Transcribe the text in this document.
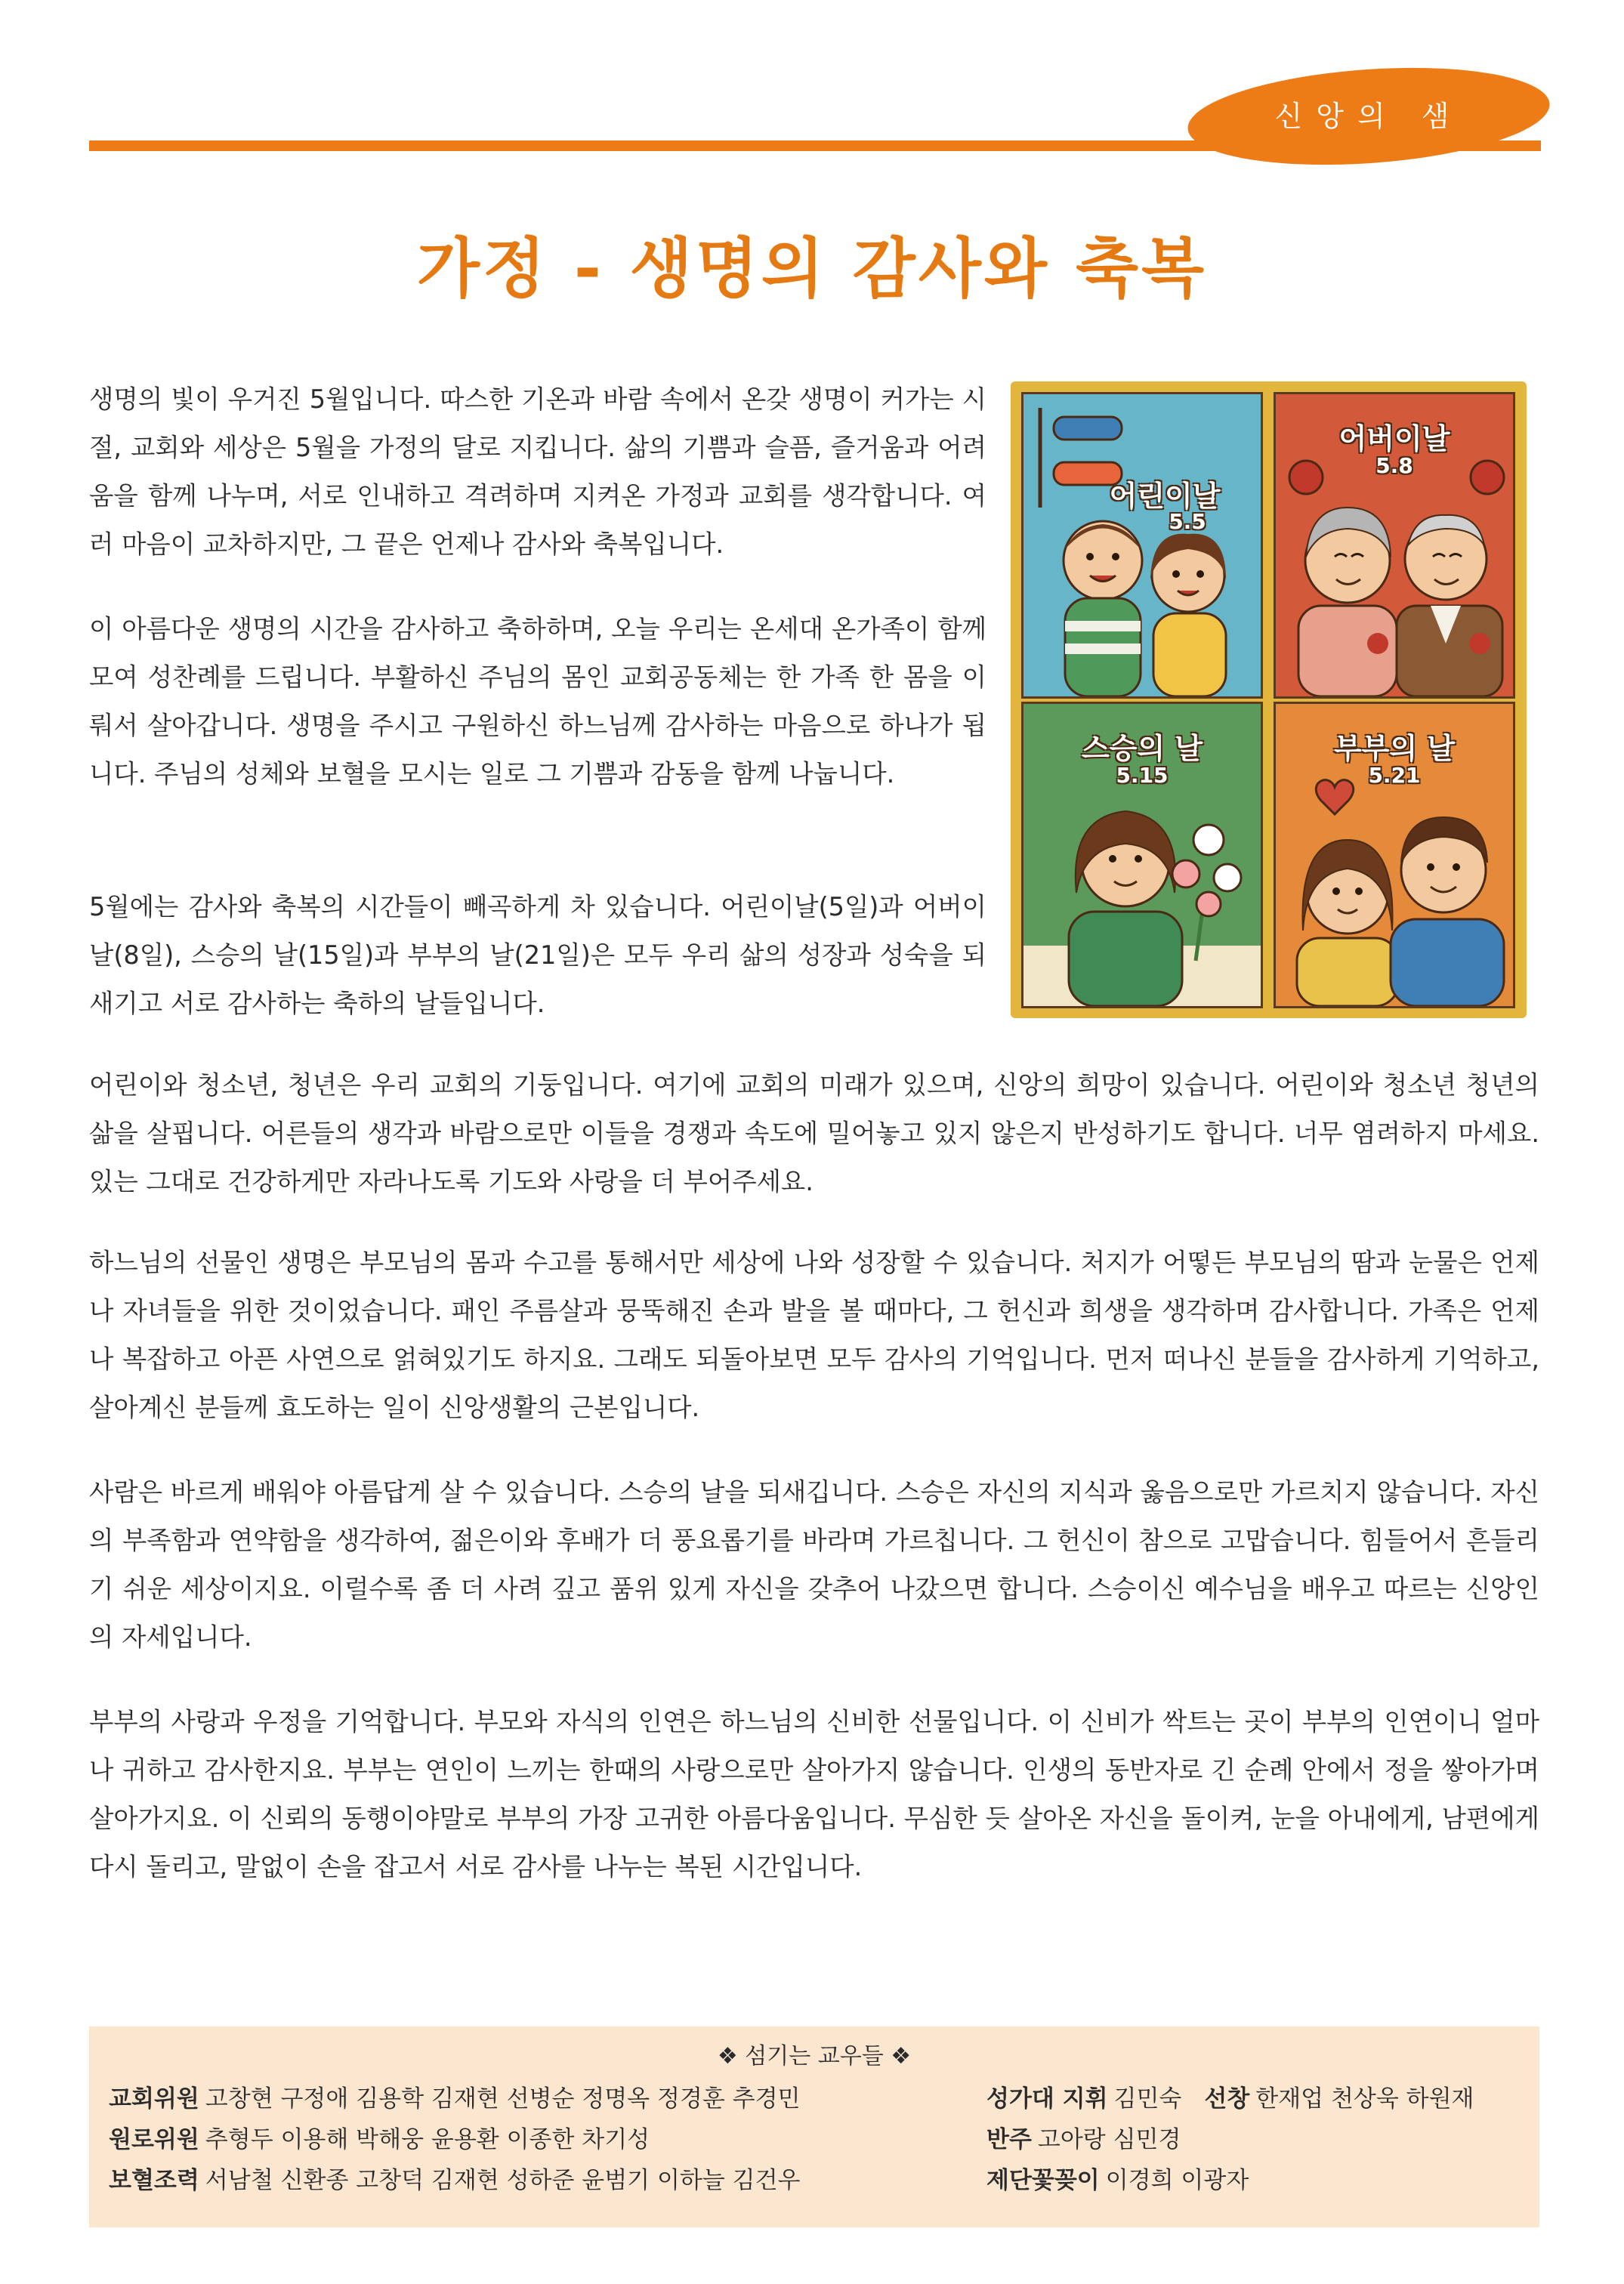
신앙의 샘
가정 - 생명의 감사와 축복

생명의 빛이 우거진 5월입니다. 따스한 기온과 바람 속에서 온갖 생명이 커가는 시절, 교회와 세상은 5월을 가정의 달로 지킵니다. 삶의 기쁨과 슬픔, 즐거움과 어려움을 함께 나누며, 서로 인내하고 격려하며 지켜온 가정과 교회를 생각합니다. 여러 마음이 교차하지만, 그 끝은 언제나 감사와 축복입니다.

이 아름다운 생명의 시간을 감사하고 축하하며, 오늘 우리는 온세대 온가족이 함께 모여 성찬례를 드립니다. 부활하신 주님의 몸인 교회공동체는 한 가족 한 몸을 이뤄서 살아갑니다. 생명을 주시고 구원하신 하느님께 감사하는 마음으로 하나가 됩니다. 주님의 성체와 보혈을 모시는 일로 그 기쁨과 감동을 함께 나눕니다.

5월에는 감사와 축복의 시간들이 빼곡하게 차 있습니다. 어린이날(5일)과 어버이날(8일), 스승의 날(15일)과 부부의 날(21일)은 모두 우리 삶의 성장과 성숙을 되새기고 서로 감사하는 축하의 날들입니다.

어린이와 청소년, 청년은 우리 교회의 기둥입니다. 여기에 교회의 미래가 있으며, 신앙의 희망이 있습니다. 어린이와 청소년 청년의 삶을 살핍니다. 어른들의 생각과 바람으로만 이들을 경쟁과 속도에 밀어놓고 있지 않은지 반성하기도 합니다. 너무 염려하지 마세요. 있는 그대로 건강하게만 자라나도록 기도와 사랑을 더 부어주세요.

하느님의 선물인 생명은 부모님의 몸과 수고를 통해서만 세상에 나와 성장할 수 있습니다. 처지가 어떻든 부모님의 땀과 눈물은 언제나 자녀들을 위한 것이었습니다. 패인 주름살과 뭉뚝해진 손과 발을 볼 때마다, 그 헌신과 희생을 생각하며 감사합니다. 가족은 언제나 복잡하고 아픈 사연으로 얽혀있기도 하지요. 그래도 되돌아보면 모두 감사의 기억입니다. 먼저 떠나신 분들을 감사하게 기억하고, 살아계신 분들께 효도하는 일이 신앙생활의 근본입니다.

사람은 바르게 배워야 아름답게 살 수 있습니다. 스승의 날을 되새깁니다. 스승은 자신의 지식과 옳음으로만 가르치지 않습니다. 자신의 부족함과 연약함을 생각하여, 젊은이와 후배가 더 풍요롭기를 바라며 가르칩니다. 그 헌신이 참으로 고맙습니다. 힘들어서 흔들리기 쉬운 세상이지요. 이럴수록 좀 더 사려 깊고 품위 있게 자신을 갖추어 나갔으면 합니다. 스승이신 예수님을 배우고 따르는 신앙인의 자세입니다.

부부의 사랑과 우정을 기억합니다. 부모와 자식의 인연은 하느님의 신비한 선물입니다. 이 신비가 싹트는 곳이 부부의 인연이니 얼마나 귀하고 감사한지요. 부부는 연인이 느끼는 한때의 사랑으로만 살아가지 않습니다. 인생의 동반자로 긴 순례 안에서 정을 쌓아가며 살아가지요. 이 신뢰의 동행이야말로 부부의 가장 고귀한 아름다움입니다. 무심한 듯 살아온 자신을 돌이켜, 눈을 아내에게, 남편에게 다시 돌리고, 말없이 손을 잡고서 서로 감사를 나누는 복된 시간입니다.

어린이날
5.5
어버이날
5.8
스승의 날
5.15
부부의 날
5.21
❖ 섬기는 교우들 ❖
교회위원 고창현 구정애 김용학 김재현 선병순 정명옥 정경훈 추경민
원로위원 추형두 이용해 박해웅 윤용환 이종한 차기성
보혈조력 서남철 신환종 고창덕 김재현 성하준 윤범기 이하늘 김건우
성가대 지휘 김민숙 선창 한재업 천상욱 하원재
반주 고아랑 심민경
제단꽃꽂이 이경희 이광자
